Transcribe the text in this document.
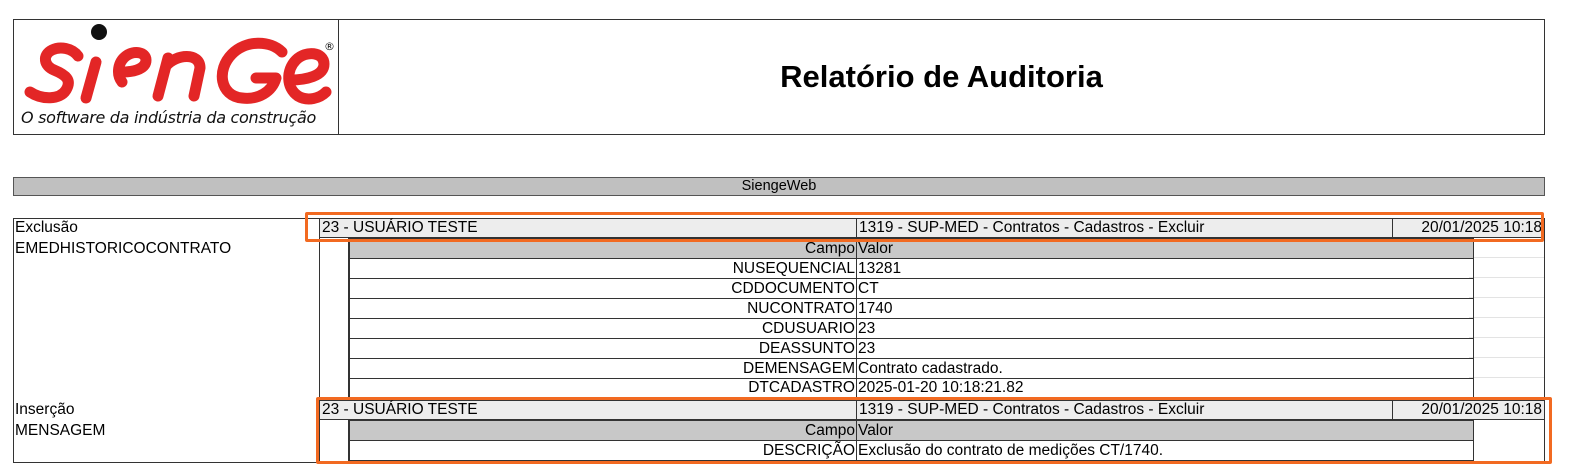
®
O software da indústria da construção
Relatório de Auditoria
SiengeWeb
Exclusão
EMEDHISTORICOCONTRATO
23 - USUÁRIO TESTE	1319 - SUP-MED - Contratos - Cadastros - Excluir	20/01/2025 10:18
Campo	Valor
NUSEQUENCIAL	13281
CDDOCUMENTO	CT
NUCONTRATO	1740
CDUSUARIO	23
DEASSUNTO	23
DEMENSAGEM	Contrato cadastrado.
DTCADASTRO	2025-01-20 10:18:21.82
Inserção
MENSAGEM
23 - USUÁRIO TESTE	1319 - SUP-MED - Contratos - Cadastros - Excluir	20/01/2025 10:18
Campo	Valor
DESCRIÇÃO	Exclusão do contrato de medições CT/1740.
